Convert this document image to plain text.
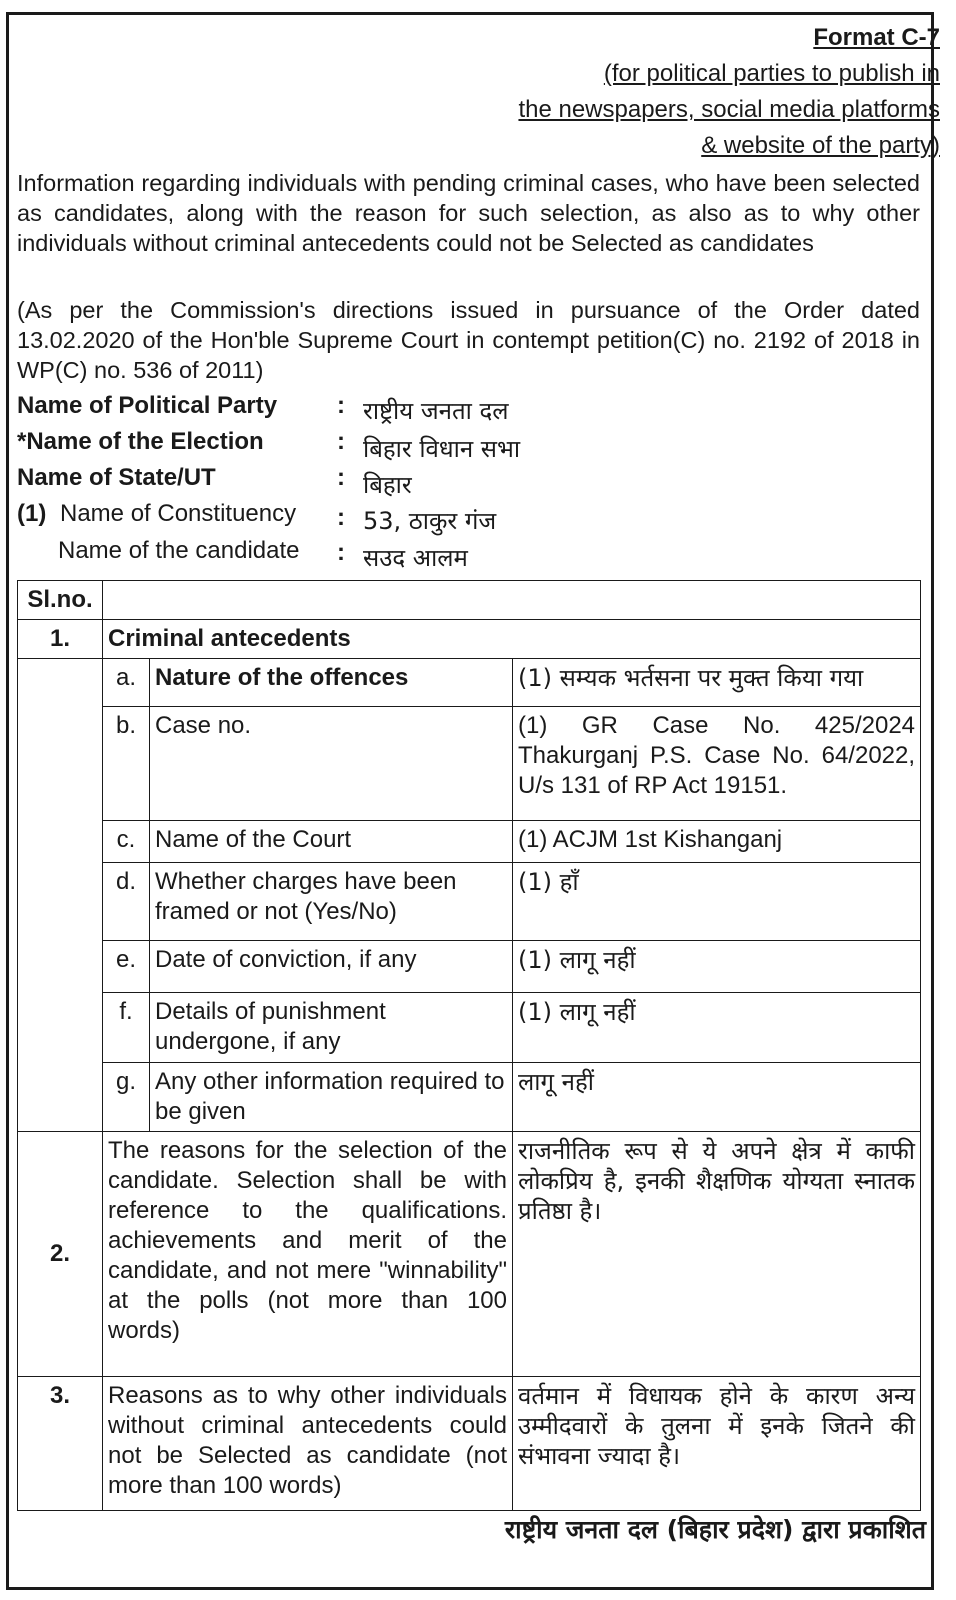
Format C-7
(for political parties to publish in
the newspapers, social media platforms
& website of the party)
Information regarding individuals with pending criminal cases, who have been selected as candidates, along with the reason for such selection, as also as to why other individuals without criminal antecedents could not be Selected as candidates
(As per the Commission's directions issued in pursuance of the Order dated 13.02.2020 of the Hon'ble Supreme Court in contempt petition(C) no. 2192 of 2018 in WP(C) no. 536 of 2011)
Name of Political Party : राष्ट्रीय जनता दल
*Name of the Election	: बिहार विधान सभा
Name of State/UT	: बिहार
(1) Name of Constituency : 53, ठाकुर गंज
Name of the candidate : सउद आलम
Sl.no.			
1.	Criminal antecedents		
	a.	Nature of the offences	(1) सम्यक भर्तसना पर मुक्त किया गया
	b.	Case no.	(1) GR Case No. 425/2024 Thakurganj P.S. Case No. 64/2022, U/s 131 of RP Act 19151.
	c.	Name of the Court	(1) ACJM 1st Kishanganj
	d.	Whether charges have been framed or not (Yes/No)	(1) हाँ
	e.	Date of conviction, if any	(1) लागू नहीं
	f.	Details of punishment undergone, if any	(1) लागू नहीं
	g.	Any other information required to be given	लागू नहीं
2.	The reasons for the selection of the candidate. Selection shall be with reference to the qualifications. achievements and merit of the candidate, and not mere "winnability" at the polls (not more than 100 words)		राजनीतिक रूप से ये अपने क्षेत्र में काफी लोकप्रिय है, इनकी शैक्षणिक योग्यता स्नातक प्रतिष्ठा है।
3.	Reasons as to why other individuals without criminal antecedents could not be Selected as candidate (not more than 100 words)		वर्तमान में विधायक होने के कारण अन्य उम्मीदवारों के तुलना में इनके जितने की संभावना ज्यादा है।
राष्ट्रीय जनता दल (बिहार प्रदेश) द्वारा प्रकाशित
